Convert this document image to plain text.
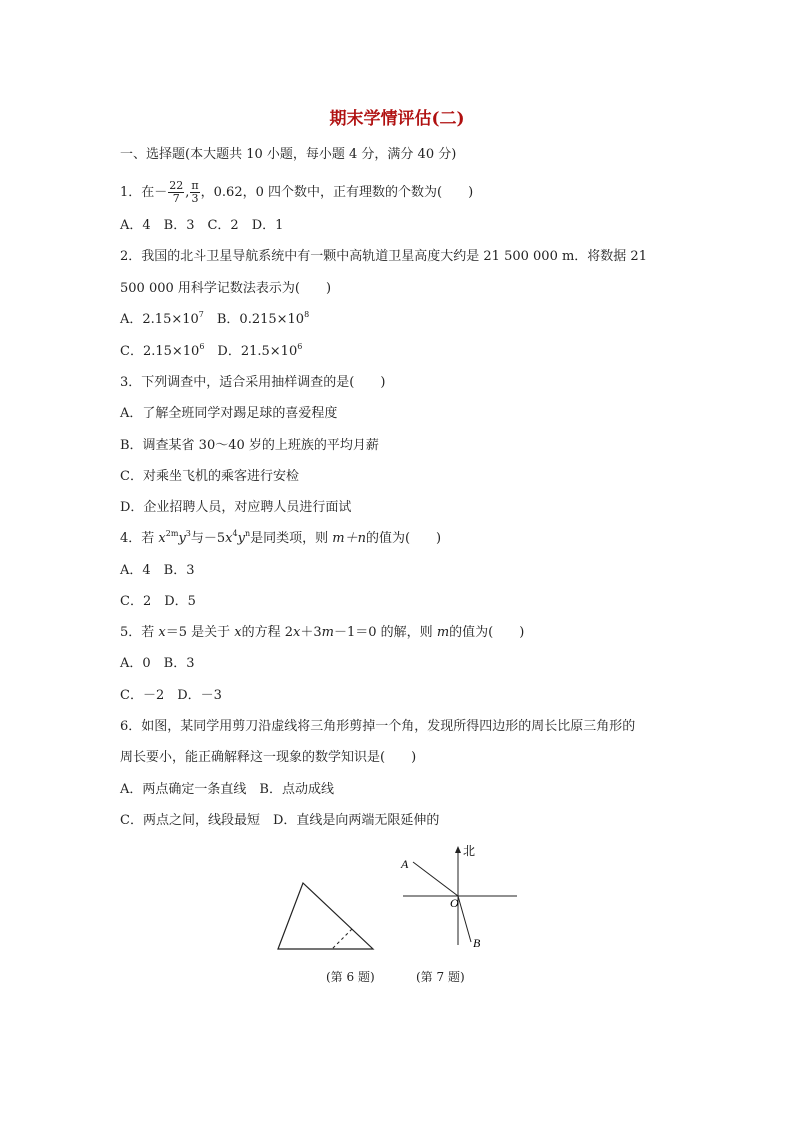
期末学情评估(二)
一、选择题(本大题共 10 小题，每小题 4 分，满分 40 分)
1．在－ $\frac{22}{7}$ , $\frac{\pi}{3}$ ，0.62，0 四个数中，正有理数的个数为(　　)
A．4　B．3　C．2　D．1
2．我国的北斗卫星导航系统中有一颗中高轨道卫星高度大约是 21 500 000 m．将数据 21
500 000 用科学记数法表示为(　　)
A．$2.15\times 10^7$　B．$0.215\times 10^8$
C．$2.15\times 10^6$　D．$21.5\times 10^6$
3．下列调查中，适合采用抽样调查的是(　　)
A．了解全班同学对踢足球的喜爱程度
B．调查某省 30～40 岁的上班族的平均月薪
C．对乘坐飞机的乘客进行安检
D．企业招聘人员，对应聘人员进行面试
4．若 $x^{2m}y^3$与$-5x^4y^n$是同类项，则 m＋n的值为(　　)
A．4　B．3
C．2　D．5
5．若 x＝5 是关于 x的方程 2x＋3m－1＝0 的解，则 m的值为(　　)
A．0　B．3
C．－2　D．－3
6．如图，某同学用剪刀沿虚线将三角形剪掉一个角，发现所得四边形的周长比原三角形的
周长要小，能正确解释这一现象的数学知识是(　　)
A．两点确定一条直线　B．点动成线
C．两点之间，线段最短　D．直线是向两端无限延伸的
北
A
O
B
(第 6 题)	(第 7 题)
